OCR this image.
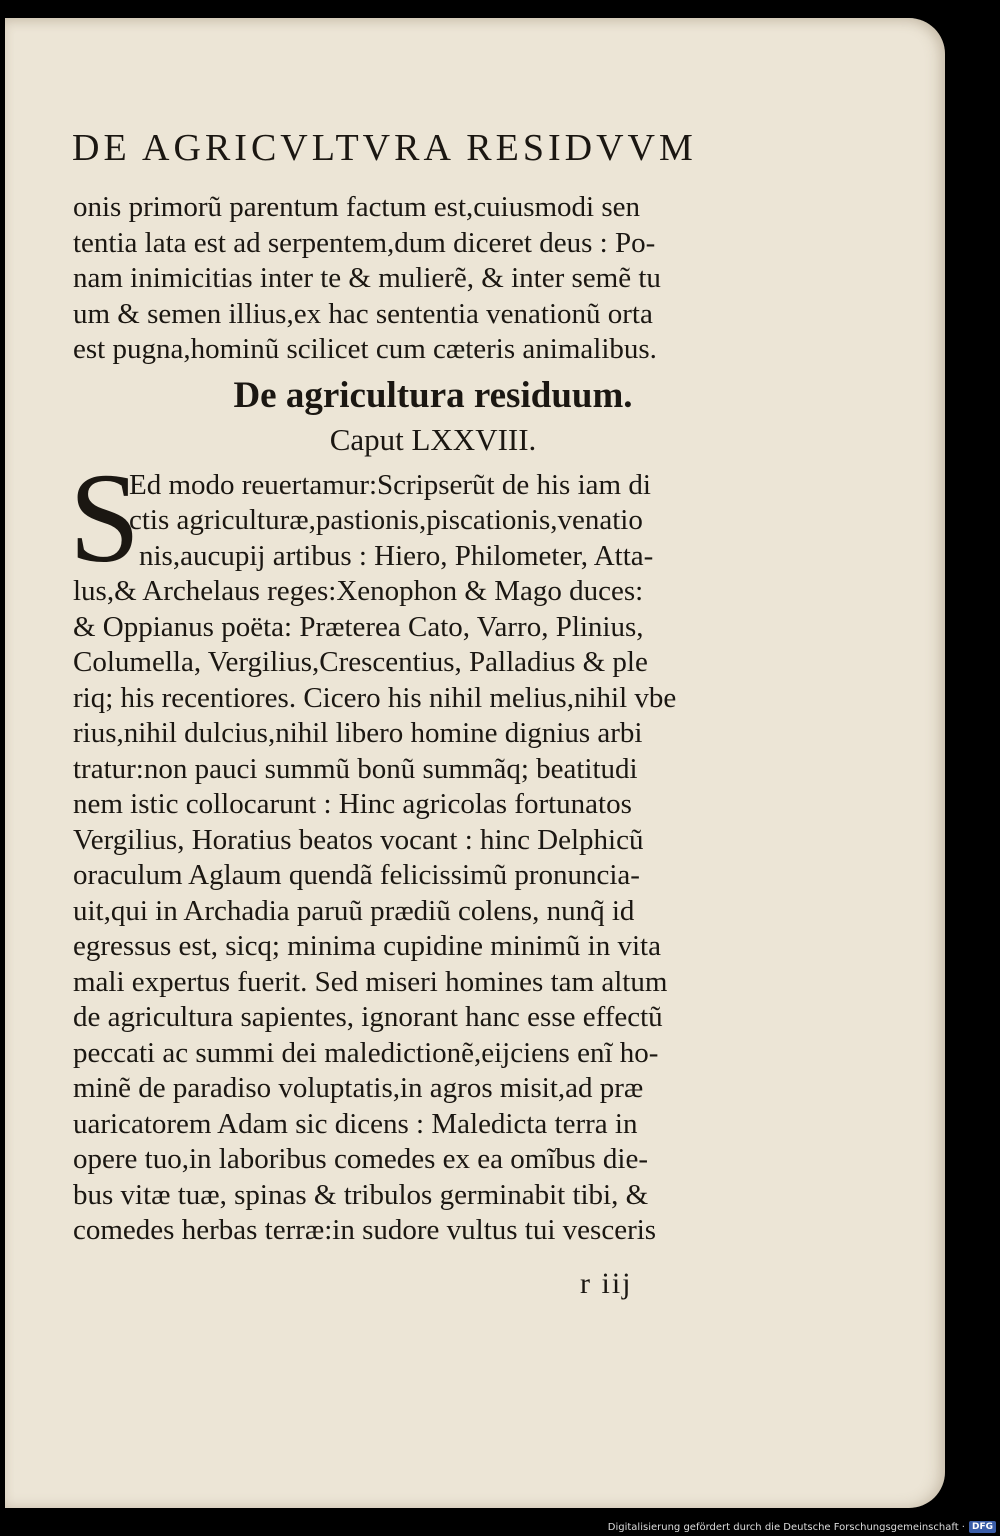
DE AGRICVLTVRA RESIDVVM
onis primorũ parentum factum est,cuiusmodi sen
tentia lata est ad serpentem,dum diceret deus : Po-
nam inimicitias inter te & mulierẽ, & inter semẽ tu
um & semen illius,ex hac sententia venationũ orta
est pugna,hominũ scilicet cum cæteris animalibus.
De agricultura residuum.
Caput LXXVIII.
S
Ed modo reuertamur:Scripserũt de his iam di
ctis agriculturæ,pastionis,piscationis,venatio
nis,aucupij artibus : Hiero, Philometer, Atta-
lus,& Archelaus reges:Xenophon & Mago duces:
& Oppianus poëta: Præterea Cato, Varro, Plinius,
Columella, Vergilius,Crescentius, Palladius & ple
riq; his recentiores. Cicero his nihil melius,nihil vbe
rius,nihil dulcius,nihil libero homine dignius arbi
tratur:non pauci summũ bonũ summãq; beatitudi
nem istic collocarunt : Hinc agricolas fortunatos
Vergilius, Horatius beatos vocant : hinc Delphicũ
oraculum Aglaum quendã felicissimũ pronuncia-
uit,qui in Archadia paruũ prædiũ colens, nunq̃ id
egressus est, sicq; minima cupidine minimũ in vita
mali expertus fuerit. Sed miseri homines tam altum
de agricultura sapientes, ignorant hanc esse effectũ
peccati ac summi dei maledictionẽ,eijciens enĩ ho-
minẽ de paradiso voluptatis,in agros misit,ad præ
uaricatorem Adam sic dicens : Maledicta terra in
opere tuo,in laboribus comedes ex ea omĩbus die-
bus vitæ tuæ, spinas & tribulos germinabit tibi, &
comedes herbas terræ:in sudore vultus tui vesceris
r iij
Digitalisierung gefördert durch die Deutsche Forschungsgemeinschaft · DFG
